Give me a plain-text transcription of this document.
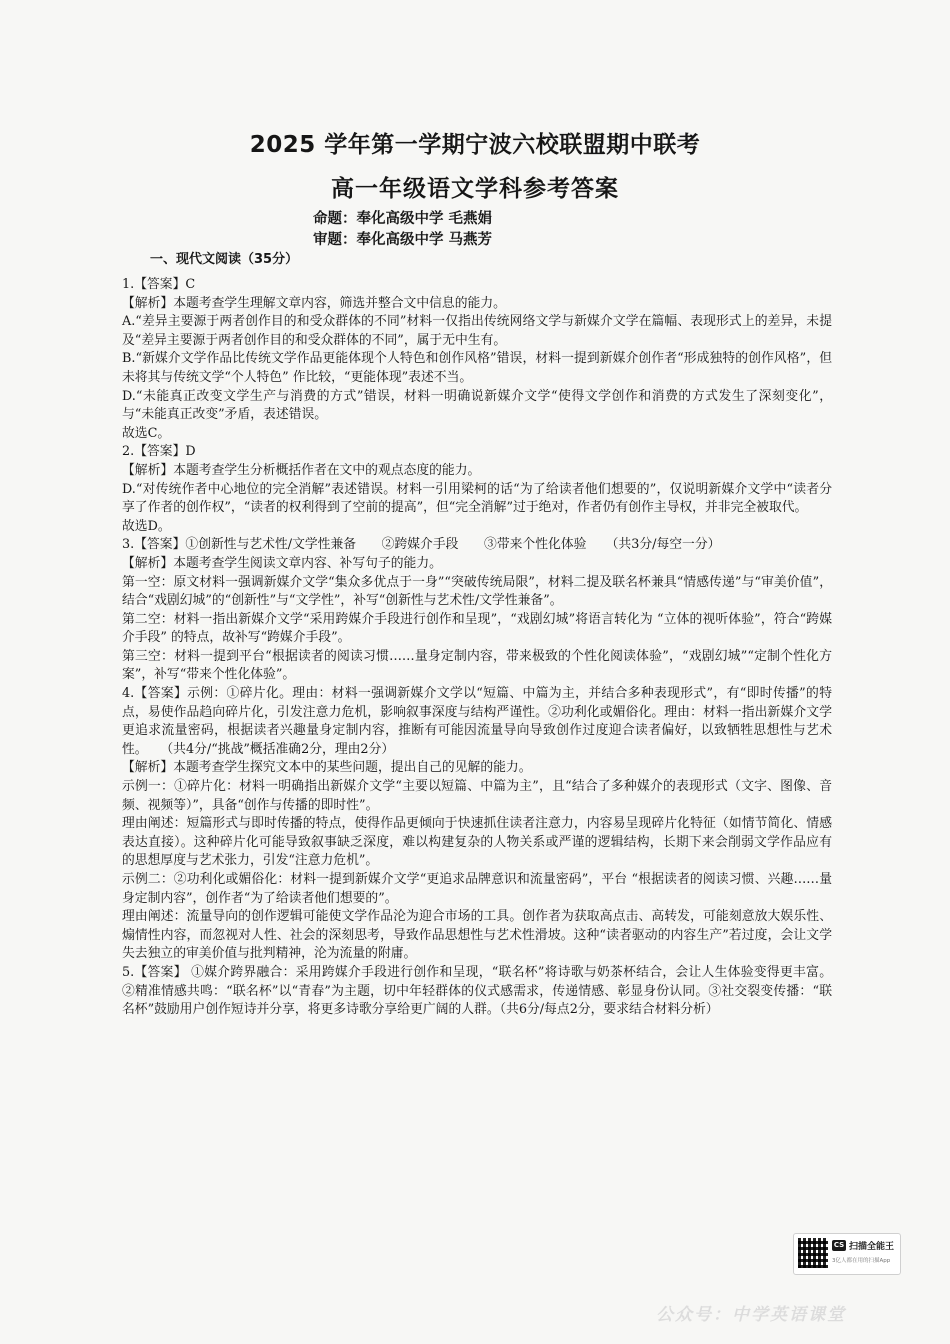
2025 学年第一学期宁波六校联盟期中联考
高一年级语文学科参考答案
命题：奉化高级中学 毛燕娟
审题：奉化高级中学 马燕芳
一、现代文阅读（35分）

1.【答案】C

【解析】本题考查学生理解文章内容，筛选并整合文中信息的能力。

A.“差异主要源于两者创作目的和受众群体的不同”材料一仅指出传统网络文学与新媒介文学在篇幅、表现形式上的差异，未提及“差异主要源于两者创作目的和受众群体的不同”，属于无中生有。

B.“新媒介文学作品比传统文学作品更能体现个人特色和创作风格”错误，材料一提到新媒介创作者“形成独特的创作风格”，但未将其与传统文学“个人特色” 作比较，“更能体现”表述不当。

D.“未能真正改变文学生产与消费的方式”错误，材料一明确说新媒介文学“使得文学创作和消费的方式发生了深刻变化”，与“未能真正改变”矛盾，表述错误。

故选C。

2.【答案】D

【解析】本题考查学生分析概括作者在文中的观点态度的能力。

D.“对传统作者中心地位的完全消解”表述错误。材料一引用梁柯的话“为了给读者他们想要的”，仅说明新媒介文学中“读者分享了作者的创作权”，“读者的权利得到了空前的提高”，但“完全消解”过于绝对，作者仍有创作主导权，并非完全被取代。

故选D。

3.【答案】①创新性与艺术性/文学性兼备　　②跨媒介手段　　③带来个性化体验　　（共3分/每空一分）

【解析】本题考查学生阅读文章内容、补写句子的能力。

第一空：原文材料一强调新媒介文学“集众多优点于一身”“突破传统局限”，材料二提及联名杯兼具“情感传递”与“审美价值”，结合“戏剧幻城”的“创新性”与“文学性”，补写“创新性与艺术性/文学性兼备”。

第二空：材料一指出新媒介文学“采用跨媒介手段进行创作和呈现”，“戏剧幻城”将语言转化为 “立体的视听体验”，符合“跨媒介手段” 的特点，故补写“跨媒介手段”。

第三空：材料一提到平台“根据读者的阅读习惯……量身定制内容，带来极致的个性化阅读体验”，“戏剧幻城”“定制个性化方案”，补写“带来个性化体验”。

4.【答案】示例：①碎片化。理由：材料一强调新媒介文学以“短篇、中篇为主，并结合多种表现形式”，有“即时传播”的特点，易使作品趋向碎片化，引发注意力危机，影响叙事深度与结构严谨性。②功利化或媚俗化。理由：材料一指出新媒介文学更追求流量密码，根据读者兴趣量身定制内容，推断有可能因流量导向导致创作过度迎合读者偏好，以致牺牲思想性与艺术性。　　（共4分/“挑战”概括准确2分，理由2分）

【解析】本题考查学生探究文本中的某些问题，提出自己的见解的能力。

示例一：①碎片化：材料一明确指出新媒介文学“主要以短篇、中篇为主”，且“结合了多种媒介的表现形式（文字、图像、音频、视频等）”，具备“创作与传播的即时性”。

理由阐述：短篇形式与即时传播的特点，使得作品更倾向于快速抓住读者注意力，内容易呈现碎片化特征（如情节简化、情感表达直接）。这种碎片化可能导致叙事缺乏深度，难以构建复杂的人物关系或严谨的逻辑结构，长期下来会削弱文学作品应有的思想厚度与艺术张力，引发“注意力危机”。

示例二：②功利化或媚俗化：材料一提到新媒介文学“更追求品牌意识和流量密码”，平台 “根据读者的阅读习惯、兴趣……量身定制内容”，创作者“为了给读者他们想要的”。

理由阐述：流量导向的创作逻辑可能使文学作品沦为迎合市场的工具。创作者为获取高点击、高转发，可能刻意放大娱乐性、煽情性内容，而忽视对人性、社会的深刻思考，导致作品思想性与艺术性滑坡。这种“读者驱动的内容生产”若过度，会让文学失去独立的审美价值与批判精神，沦为流量的附庸。

5.【答案】 ①媒介跨界融合：采用跨媒介手段进行创作和呈现，“联名杯”将诗歌与奶茶杯结合，会让人生体验变得更丰富。 ②精准情感共鸣：“联名杯”以“青春”为主题，切中年轻群体的仪式感需求，传递情感、彰显身份认同。③社交裂变传播：“联名杯”鼓励用户创作短诗并分享，将更多诗歌分享给更广阔的人群。（共6分/每点2分，要求结合材料分析）

CS 扫描全能王
3亿人都在用的扫描App
公众号：中学英语课堂
